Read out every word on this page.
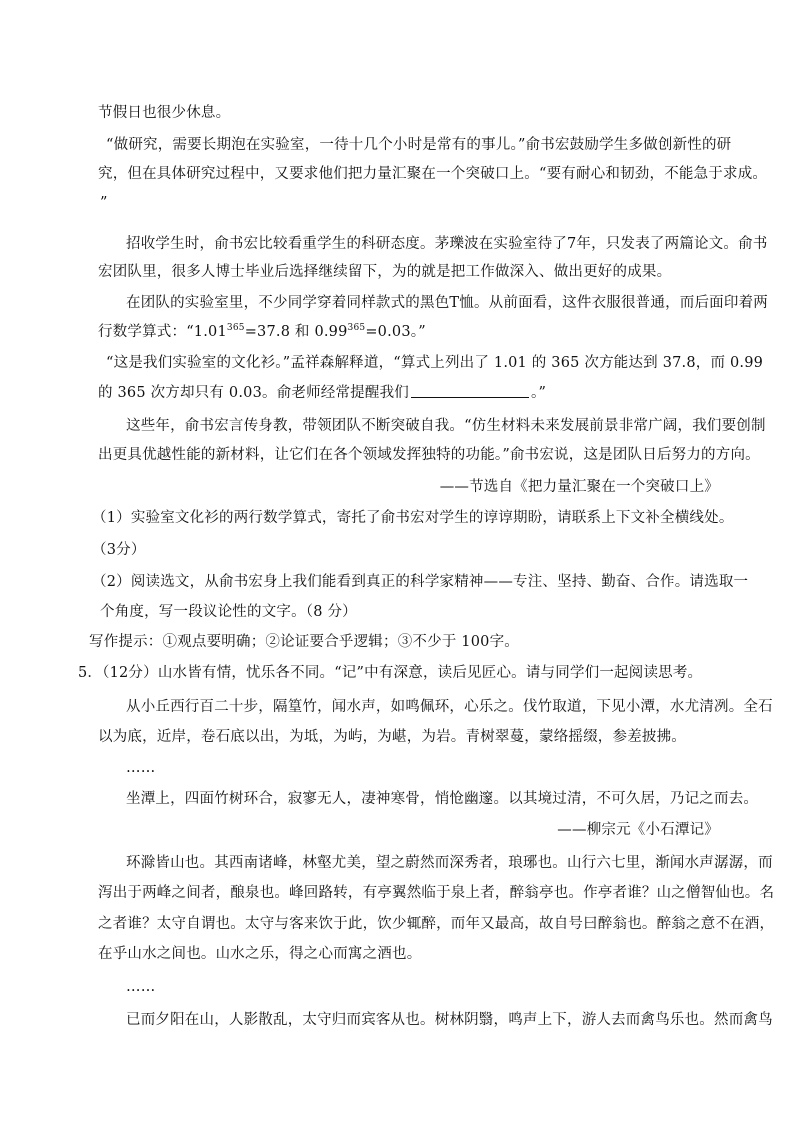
节假日也很少休息。
“做研究，需要长期泡在实验室，一待十几个小时是常有的事儿。”俞书宏鼓励学生多做创新性的研
究，但在具体研究过程中，又要求他们把力量汇聚在一个突破口上。“要有耐心和韧劲，不能急于求成。
”
招收学生时，俞书宏比较看重学生的科研态度。茅瓅波在实验室待了7年，只发表了两篇论文。俞书
宏团队里，很多人博士毕业后选择继续留下，为的就是把工作做深入、做出更好的成果。
在团队的实验室里，不少同学穿着同样款式的黑色T恤。从前面看，这件衣服很普通，而后面印着两
行数学算式：“$1.01^{365}=37.8$ 和 $0.99^{365}=0.03$。”
“这是我们实验室的文化衫。”孟祥森解释道，“算式上列出了 1.01 的 365 次方能达到 37.8，而 0.99
的 365 次方却只有 0.03。俞老师经常提醒我们	。”
这些年，俞书宏言传身教，带领团队不断突破自我。“仿生材料未来发展前景非常广阔，我们要创制
出更具优越性能的新材料，让它们在各个领域发挥独特的功能。”俞书宏说，这是团队日后努力的方向。
——节选自《把力量汇聚在一个突破口上》
（1）实验室文化衫的两行数学算式，寄托了俞书宏对学生的谆谆期盼，请联系上下文补全横线处。
（3分）
（2）阅读选文，从俞书宏身上我们能看到真正的科学家精神——专注、坚持、勤奋、合作。请选取一
个角度，写一段议论性的文字。（8 分）
写作提示：①观点要明确；②论证要合乎逻辑；③不少于 100字。
5．（12分）山水皆有情，忧乐各不同。“记”中有深意，读后见匠心。请与同学们一起阅读思考。
从小丘西行百二十步，隔篁竹，闻水声，如鸣佩环，心乐之。伐竹取道，下见小潭，水尤清冽。全石
以为底，近岸，卷石底以出，为坻，为屿，为嵁，为岩。青树翠蔓，蒙络摇缀，参差披拂。
……
坐潭上，四面竹树环合，寂寥无人，凄神寒骨，悄怆幽邃。以其境过清，不可久居，乃记之而去。
——柳宗元《小石潭记》
环滁皆山也。其西南诸峰，林壑尤美，望之蔚然而深秀者，琅琊也。山行六七里，渐闻水声潺潺，而
泻出于两峰之间者，酿泉也。峰回路转，有亭翼然临于泉上者，醉翁亭也。作亭者谁？山之僧智仙也。名
之者谁？太守自谓也。太守与客来饮于此，饮少辄醉，而年又最高，故自号曰醉翁也。醉翁之意不在酒，
在乎山水之间也。山水之乐，得之心而寓之酒也。
……
已而夕阳在山，人影散乱，太守归而宾客从也。树林阴翳，鸣声上下，游人去而禽鸟乐也。然而禽鸟
